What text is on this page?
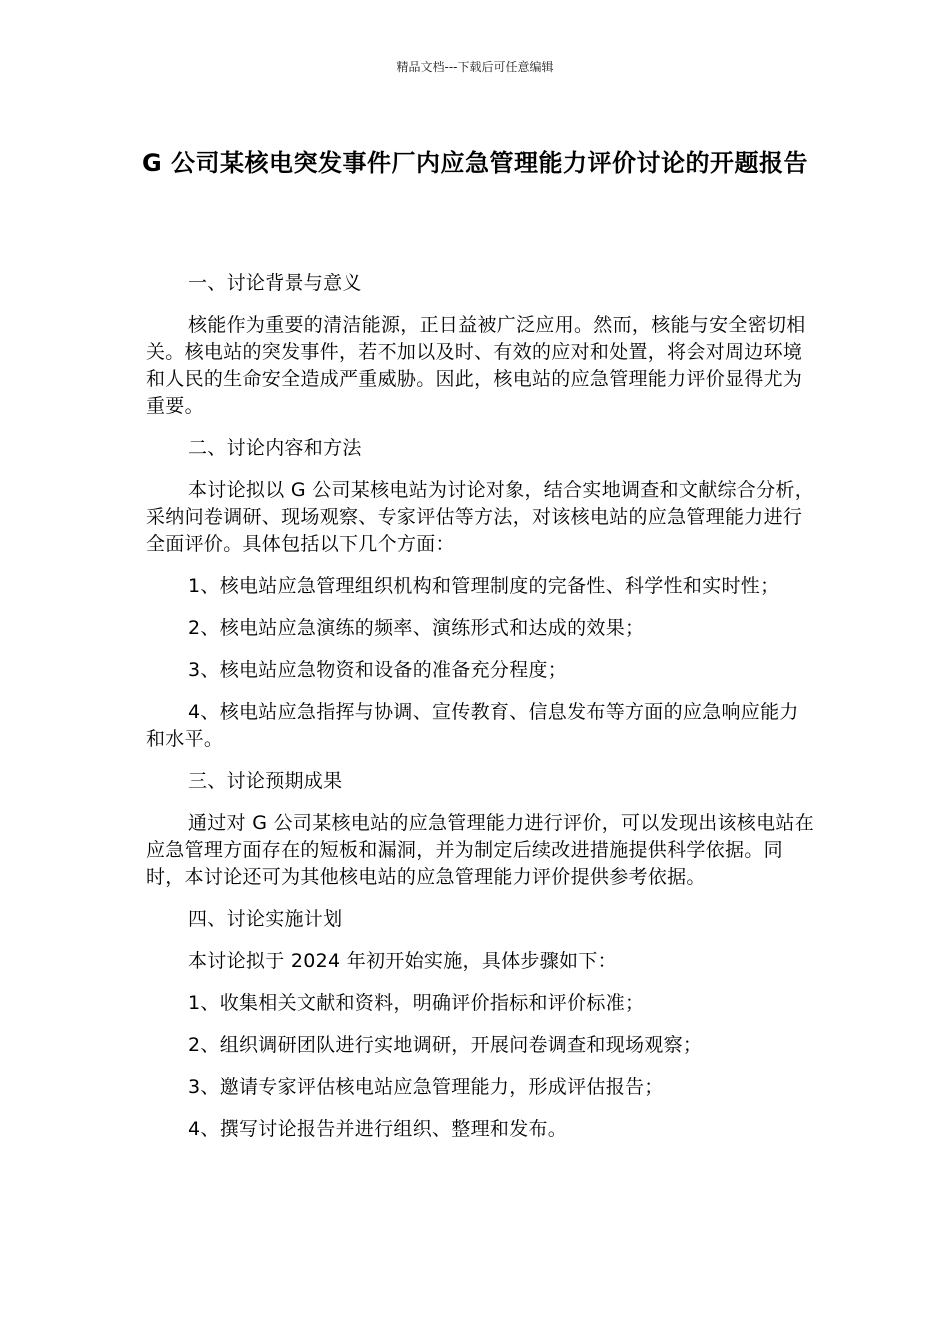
精品文档---下载后可任意编辑
G 公司某核电突发事件厂内应急管理能力评价讨论的开题报告

一、讨论背景与意义

核能作为重要的清洁能源，正日益被广泛应用。然而，核能与安全密切相关。核电站的突发事件，若不加以及时、有效的应对和处置，将会对周边环境和人民的生命安全造成严重威胁。因此，核电站的应急管理能力评价显得尤为重要。

二、讨论内容和方法

本讨论拟以 G 公司某核电站为讨论对象，结合实地调查和文献综合分析，采纳问卷调研、现场观察、专家评估等方法，对该核电站的应急管理能力进行全面评价。具体包括以下几个方面：

1、核电站应急管理组织机构和管理制度的完备性、科学性和实时性；

2、核电站应急演练的频率、演练形式和达成的效果；

3、核电站应急物资和设备的准备充分程度；

4、核电站应急指挥与协调、宣传教育、信息发布等方面的应急响应能力和水平。

三、讨论预期成果

通过对 G 公司某核电站的应急管理能力进行评价，可以发现出该核电站在应急管理方面存在的短板和漏洞，并为制定后续改进措施提供科学依据。同时，本讨论还可为其他核电站的应急管理能力评价提供参考依据。

四、讨论实施计划

本讨论拟于 2024 年初开始实施，具体步骤如下：

1、收集相关文献和资料，明确评价指标和评价标准；

2、组织调研团队进行实地调研，开展问卷调查和现场观察；

3、邀请专家评估核电站应急管理能力，形成评估报告；

4、撰写讨论报告并进行组织、整理和发布。
